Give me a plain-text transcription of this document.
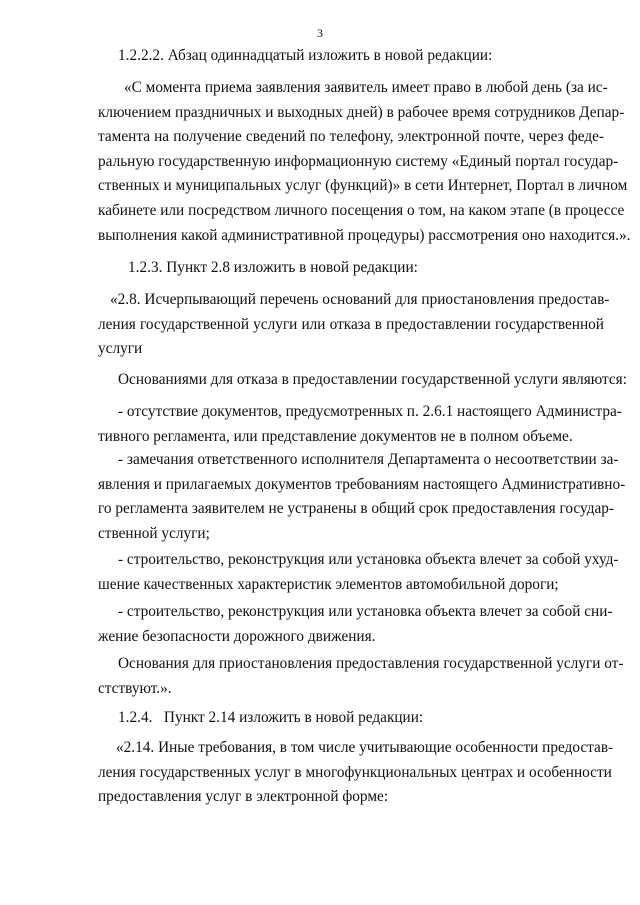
3
1.2.2.2. Абзац одиннадцатый изложить в новой редакции:
«С момента приема заявления заявитель имеет право в любой день (за ис-
ключением праздничных и выходных дней) в рабочее время сотрудников Депар-
тамента на получение сведений по телефону, электронной почте, через феде-
ральную государственную информационную систему «Единый портал государ-
ственных и муниципальных услуг (функций)» в сети Интернет, Портал в личном
кабинете или посредством личного посещения о том, на каком этапе (в процессе
выполнения какой административной процедуры) рассмотрения оно находится.».
1.2.3. Пункт 2.8 изложить в новой редакции:
«2.8. Исчерпывающий перечень оснований для приостановления предостав-
ления государственной услуги или отказа в предоставлении государственной
услуги
Основаниями для отказа в предоставлении государственной услуги являются:
- отсутствие документов, предусмотренных п. 2.6.1 настоящего Администра-
тивного регламента, или представление документов не в полном объеме.
- замечания ответственного исполнителя Департамента о несоответствии за-
явления и прилагаемых документов требованиям настоящего Административно-
го регламента заявителем не устранены в общий срок предоставления государ-
ственной услуги;
- строительство, реконструкция или установка объекта влечет за собой ухуд-
шение качественных характеристик элементов автомобильной дороги;
- строительство, реконструкция или установка объекта влечет за собой сни-
жение безопасности дорожного движения.
Основания для приостановления предоставления государственной услуги от-
стствуют.».
1.2.4.   Пункт 2.14 изложить в новой редакции:
«2.14. Иные требования, в том числе учитывающие особенности предостав-
ления государственных услуг в многофункциональных центрах и особенности
предоставления услуг в электронной форме:
